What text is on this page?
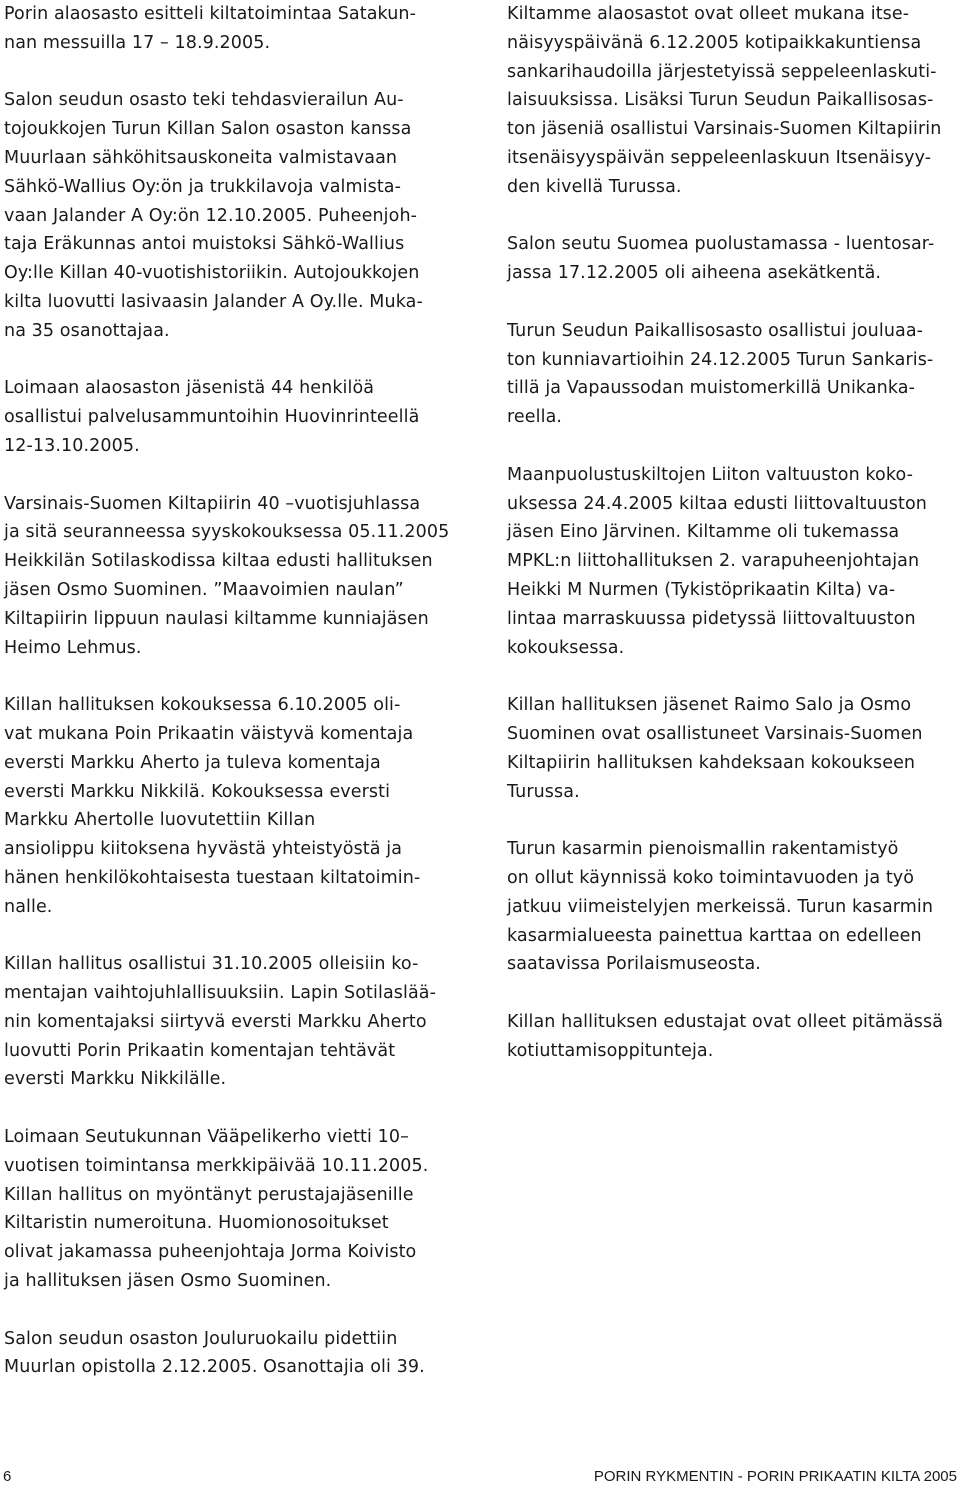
Porin alaosasto esitteli kiltatoimintaa Satakun-
nan messuilla 17 – 18.9.2005.

Salon seudun osasto teki tehdasvierailun Au-
tojoukkojen Turun Killan Salon osaston kanssa
Muurlaan sähköhitsauskoneita valmistavaan
Sähkö-Wallius Oy:ön ja trukkilavoja valmista-
vaan Jalander A Oy:ön 12.10.2005. Puheenjoh-
taja Eräkunnas antoi muistoksi Sähkö-Wallius
Oy:lle Killan 40-vuotishistoriikin. Autojoukkojen
kilta luovutti lasivaasin Jalander A Oy.lle. Muka-
na 35 osanottajaa.

Loimaan alaosaston jäsenistä 44 henkilöä
osallistui palvelusammuntoihin Huovinrinteellä
12-13.10.2005.

Varsinais-Suomen Kiltapiirin 40 –vuotisjuhlassa
ja sitä seuranneessa syyskokouksessa 05.11.2005
Heikkilän Sotilaskodissa kiltaa edusti hallituksen
jäsen Osmo Suominen. ”Maavoimien naulan”
Kiltapiirin lippuun naulasi kiltamme kunniajäsen
Heimo Lehmus.

Killan hallituksen kokouksessa 6.10.2005 oli-
vat mukana Poin Prikaatin väistyvä komentaja
eversti Markku Aherto ja tuleva komentaja
eversti Markku Nikkilä. Kokouksessa eversti
Markku Ahertolle luovutettiin Killan
ansiolippu kiitoksena hyvästä yhteistyöstä ja
hänen henkilökohtaisesta tuestaan kiltatoimin-
nalle.

Killan hallitus osallistui 31.10.2005 olleisiin ko-
mentajan vaihtojuhlallisuuksiin. Lapin Sotilaslää-
nin komentajaksi siirtyvä eversti Markku Aherto
luovutti Porin Prikaatin komentajan tehtävät
eversti Markku Nikkilälle.

Loimaan Seutukunnan Vääpelikerho vietti 10–
vuotisen toimintansa merkkipäivää 10.11.2005.
Killan hallitus on myöntänyt perustajajäsenille
Kiltaristin numeroituna. Huomionosoitukset
olivat jakamassa puheenjohtaja Jorma Koivisto
ja hallituksen jäsen Osmo Suominen.

Salon seudun osaston Jouluruokailu pidettiin
Muurlan opistolla 2.12.2005. Osanottajia oli 39.

Kiltamme alaosastot ovat olleet mukana itse-
näisyyspäivänä 6.12.2005 kotipaikkakuntiensa
sankarihaudoilla järjestetyissä seppeleenlaskuti-
laisuuksissa. Lisäksi Turun Seudun Paikallisosas-
ton jäseniä osallistui Varsinais-Suomen Kiltapiirin
itsenäisyyspäivän seppeleenlaskuun Itsenäisyy-
den kivellä Turussa.

Salon seutu Suomea puolustamassa - luentosar-
jassa 17.12.2005 oli aiheena asekätkentä.

Turun Seudun Paikallisosasto osallistui jouluaa-
ton kunniavartioihin 24.12.2005 Turun Sankaris-
tillä ja Vapaussodan muistomerkillä Unikanka-
reella.

Maanpuolustuskiltojen Liiton valtuuston koko-
uksessa 24.4.2005 kiltaa edusti liittovaltuuston
jäsen Eino Järvinen. Kiltamme oli tukemassa
MPKL:n liittohallituksen 2. varapuheenjohtajan
Heikki M Nurmen (Tykistöprikaatin Kilta) va-
lintaa marraskuussa pidetyssä liittovaltuuston
kokouksessa.

Killan hallituksen jäsenet Raimo Salo ja Osmo
Suominen ovat osallistuneet Varsinais-Suomen
Kiltapiirin hallituksen kahdeksaan kokoukseen
Turussa.

Turun kasarmin pienoismallin rakentamistyö
on ollut käynnissä koko toimintavuoden ja työ
jatkuu viimeistelyjen merkeissä. Turun kasarmin
kasarmialueesta painettua karttaa on edelleen
saatavissa Porilaismuseosta.

Killan hallituksen edustajat ovat olleet pitämässä
kotiuttamisoppitunteja.

6	PORIN RYKMENTIN - PORIN PRIKAATIN KILTA 2005
